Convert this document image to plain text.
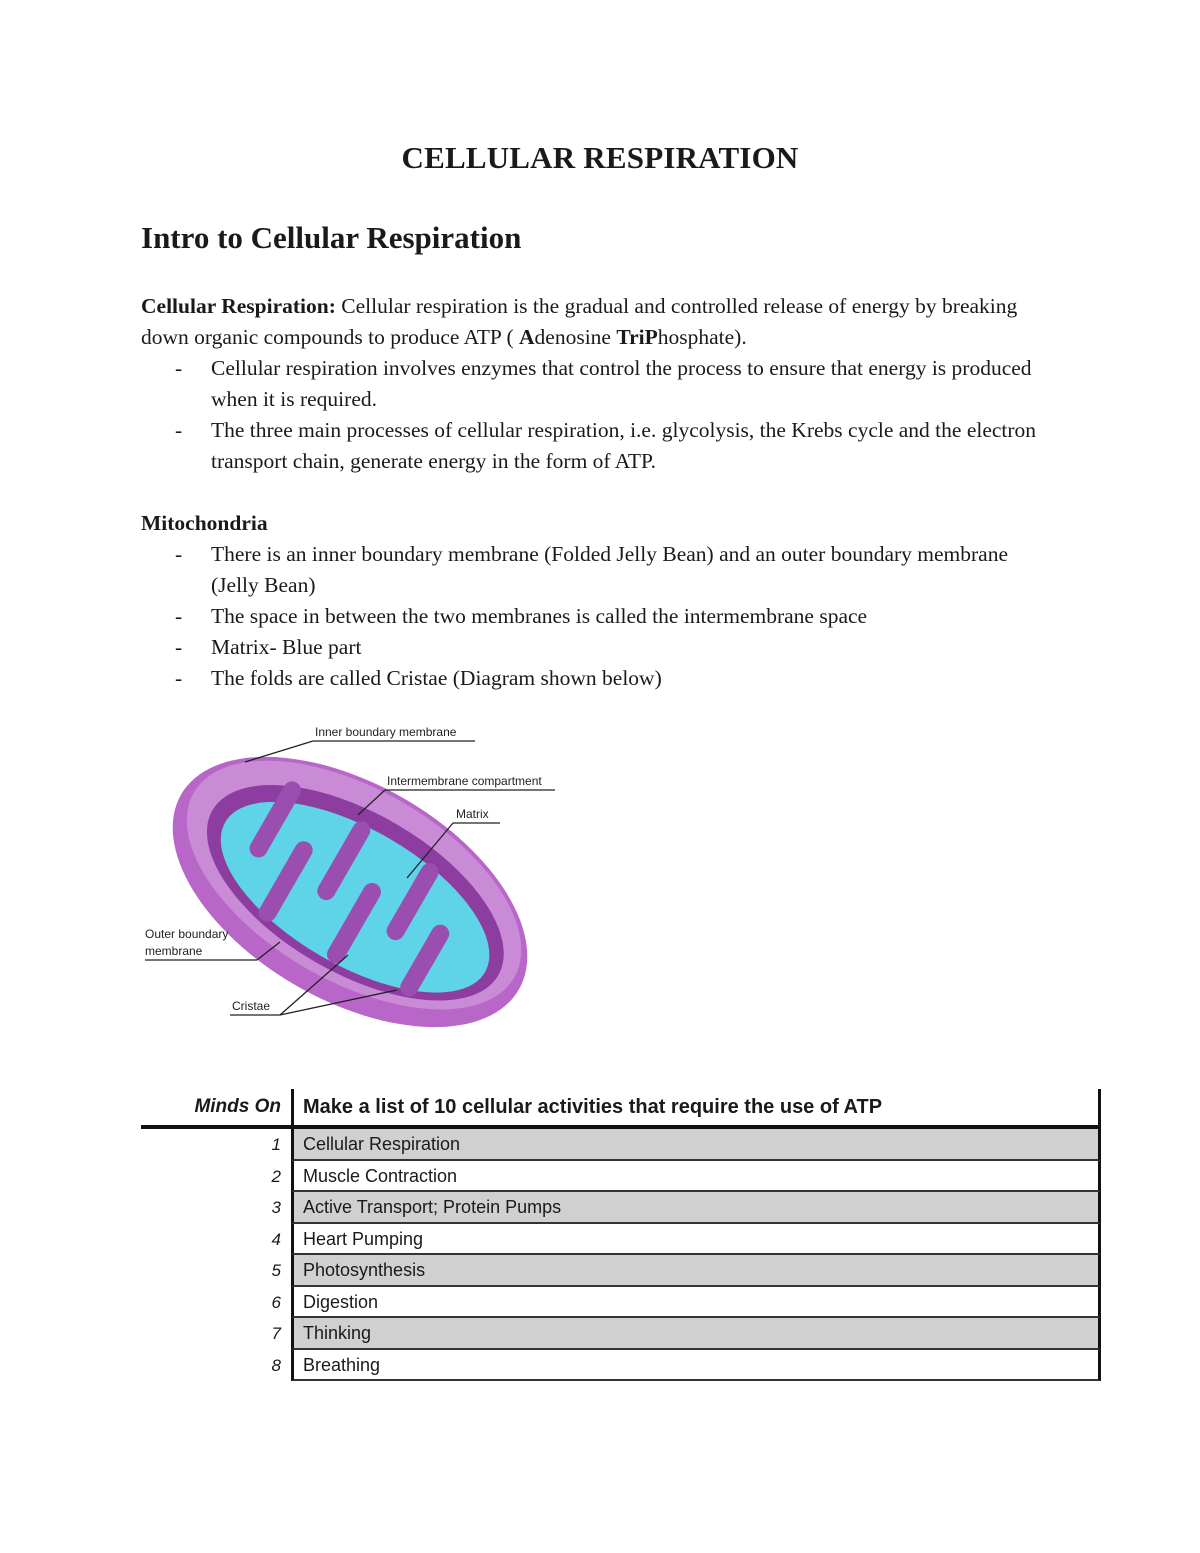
CELLULAR RESPIRATION
Intro to Cellular Respiration
Cellular Respiration: Cellular respiration is the gradual and controlled release of energy by breaking down organic compounds to produce ATP ( Adenosine TriPhosphate).
- Cellular respiration involves enzymes that control the process to ensure that energy is produced when it is required.
- The three main processes of cellular respiration, i.e. glycolysis, the Krebs cycle and the electron transport chain, generate energy in the form of ATP.
Mitochondria
- There is an inner boundary membrane (Folded Jelly Bean) and an outer boundary membrane (Jelly Bean)
- The space in between the two membranes is called the intermembrane space
- Matrix- Blue part
- The folds are called Cristae (Diagram shown below)
Inner boundary membrane
Intermembrane compartment
Matrix
Outer boundary
membrane
Cristae
Minds On	Make a list of 10 cellular activities that require the use of ATP
1	Cellular Respiration
2	Muscle Contraction
3	Active Transport; Protein Pumps
4	Heart Pumping
5	Photosynthesis
6	Digestion
7	Thinking
8	Breathing
